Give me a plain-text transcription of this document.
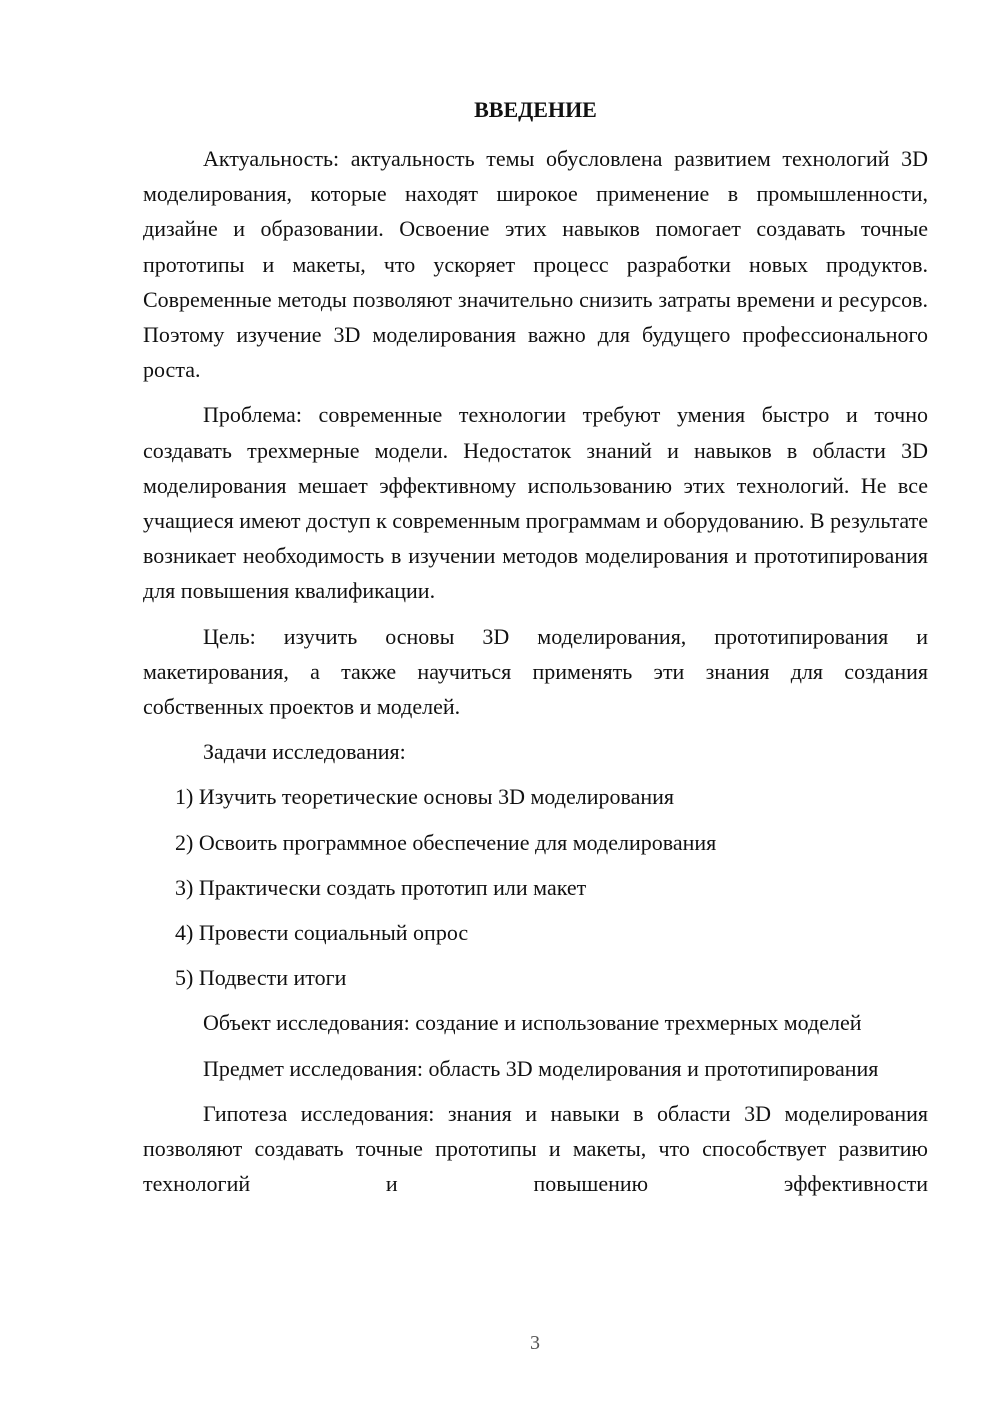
ВВЕДЕНИЕ

Актуальность: актуальность темы обусловлена развитием технологий 3D моделирования, которые находят широкое применение в промышленности, дизайне и образовании. Освоение этих навыков помогает создавать точные прототипы и макеты, что ускоряет процесс разработки новых продуктов. Современные методы позволяют значительно снизить затраты времени и ресурсов. Поэтому изучение 3D моделирования важно для будущего профессионального роста.

Проблема: современные технологии требуют умения быстро и точно создавать трехмерные модели. Недостаток знаний и навыков в области 3D моделирования мешает эффективному использованию этих технологий. Не все учащиеся имеют доступ к современным программам и оборудованию. В результате возникает необходимость в изучении методов моделирования и прототипирования для повышения квалификации.

Цель: изучить основы 3D моделирования, прототипирования и макетирования, а также научиться применять эти знания для создания собственных проектов и моделей.

Задачи исследования:

1) Изучить теоретические основы 3D моделирования
2) Освоить программное обеспечение для моделирования
3) Практически создать прототип или макет
4) Провести социальный опрос
5) Подвести итоги

Объект исследования: создание и использование трехмерных моделей

Предмет исследования: область 3D моделирования и прототипирования

Гипотеза исследования: знания и навыки в области 3D моделирования позволяют создавать точные прототипы и макеты, что способствует развитию технологий и повышению эффективности

3
